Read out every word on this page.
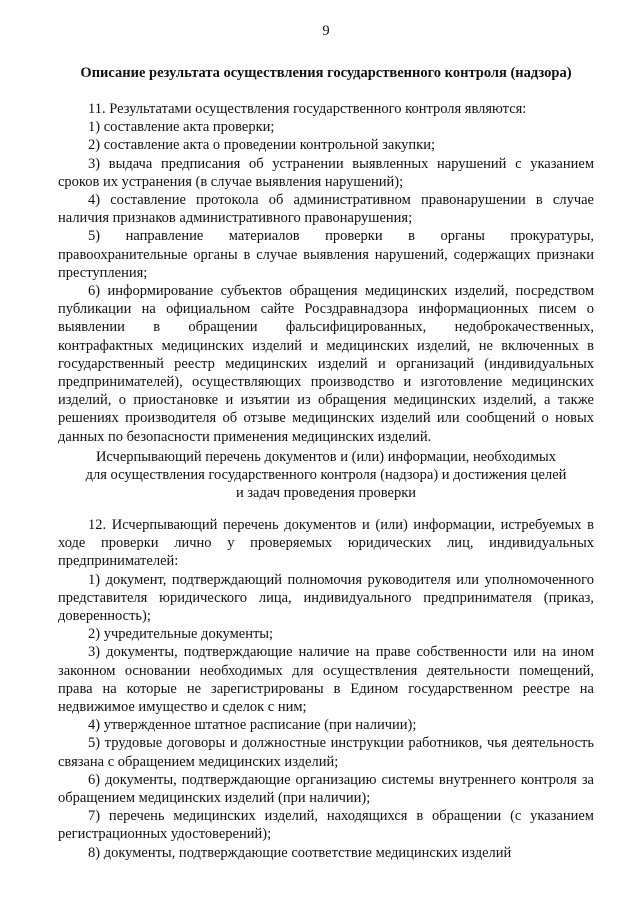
9
Описание результата осуществления государственного контроля (надзора)

11. Результатами осуществления государственного контроля являются:

1) составление акта проверки;

2) составление акта о проведении контрольной закупки;

3) выдача предписания об устранении выявленных нарушений с указанием сроков их устранения (в случае выявления нарушений);

4) составление протокола об административном правонарушении в случае наличия признаков административного правонарушения;

5) направление материалов проверки в органы прокуратуры, правоохранительные органы в случае выявления нарушений, содержащих признаки преступления;

6) информирование субъектов обращения медицинских изделий, посредством публикации на официальном сайте Росздравнадзора информационных писем о выявлении в обращении фальсифицированных, недоброкачественных, контрафактных медицинских изделий и медицинских изделий, не включенных в государственный реестр медицинских изделий и организаций (индивидуальных предпринимателей), осуществляющих производство и изготовление медицинских изделий, о приостановке и изъятии из обращения медицинских изделий, а также решениях производителя об отзыве медицинских изделий или сообщений о новых данных по безопасности применения медицинских изделий.

Исчерпывающий перечень документов и (или) информации, необходимых
для осуществления государственного контроля (надзора) и достижения целей
и задач проведения проверки

12. Исчерпывающий перечень документов и (или) информации, истребуемых в ходе проверки лично у проверяемых юридических лиц, индивидуальных предпринимателей:

1) документ, подтверждающий полномочия руководителя или уполномоченного представителя юридического лица, индивидуального предпринимателя (приказ, доверенность);

2) учредительные документы;

3) документы, подтверждающие наличие на праве собственности или на ином законном основании необходимых для осуществления деятельности помещений, права на которые не зарегистрированы в Едином государственном реестре на недвижимое имущество и сделок с ним;

4) утвержденное штатное расписание (при наличии);

5) трудовые договоры и должностные инструкции работников, чья деятельность связана с обращением медицинских изделий;

6) документы, подтверждающие организацию системы внутреннего контроля за обращением медицинских изделий (при наличии);

7) перечень медицинских изделий, находящихся в обращении (с указанием регистрационных удостоверений);

8) документы, подтверждающие соответствие медицинских изделий
